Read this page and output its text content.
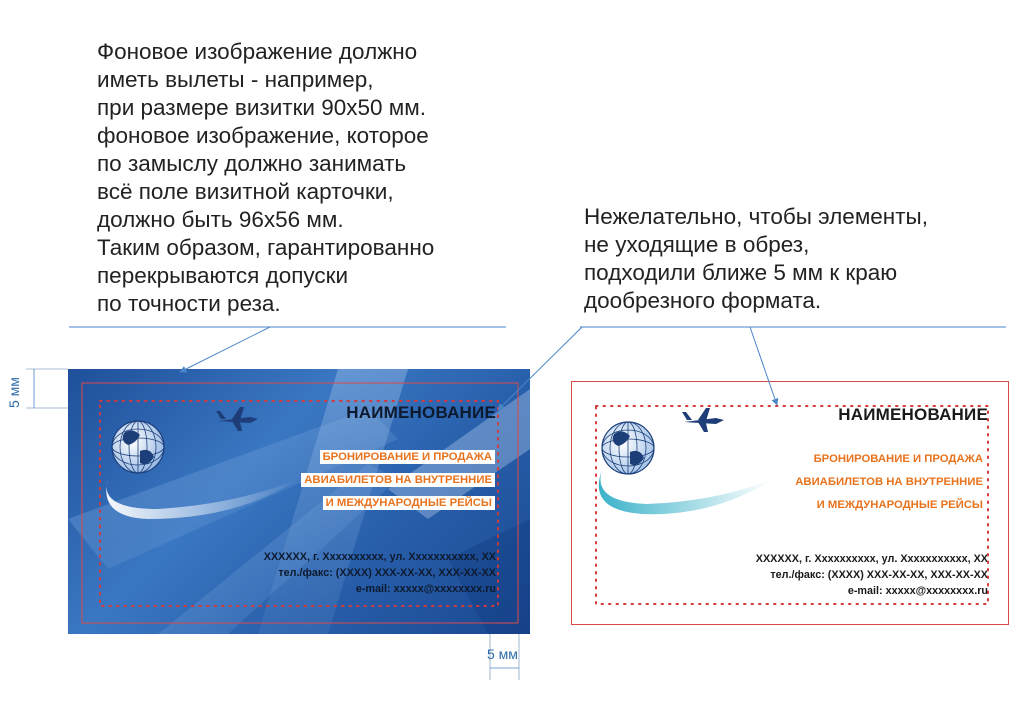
Фоновое изображение должно
иметь вылеты - например,
при размере визитки 90х50 мм.
фоновое изображение, которое
по замыслу должно занимать
всё поле визитной карточки,
должно быть 96х56 мм.
Таким образом, гарантированно
перекрываются допуски
по точности реза.
Нежелательно, чтобы элементы,
не уходящие в обрез,
подходили ближе 5 мм к краю
дообрезного формата.
НАИМЕНОВАНИЕ
БРОНИРОВАНИЕ И ПРОДАЖА
АВИАБИЛЕТОВ НА ВНУТРЕННИЕ
И МЕЖДУНАРОДНЫЕ РЕЙСЫ
ХХХХХХ, г. Хххххххххх, ул. Ххххххххххх, ХХ
тел./факс: (ХХХХ) ХХХ-ХХ-ХХ, ХХХ-ХХ-ХХ
e-mail: xxxxx@xxxxxxxx.ru
НАИМЕНОВАНИЕ
БРОНИРОВАНИЕ И ПРОДАЖА
АВИАБИЛЕТОВ НА ВНУТРЕННИЕ
И МЕЖДУНАРОДНЫЕ РЕЙСЫ
ХХХХХХ, г. Хххххххххх, ул. Ххххххххххх, ХХ
тел./факс: (ХХХХ) ХХХ-ХХ-ХХ, ХХХ-ХХ-ХХ
e-mail: xxxxx@xxxxxxxx.ru
5 мм
5 мм
